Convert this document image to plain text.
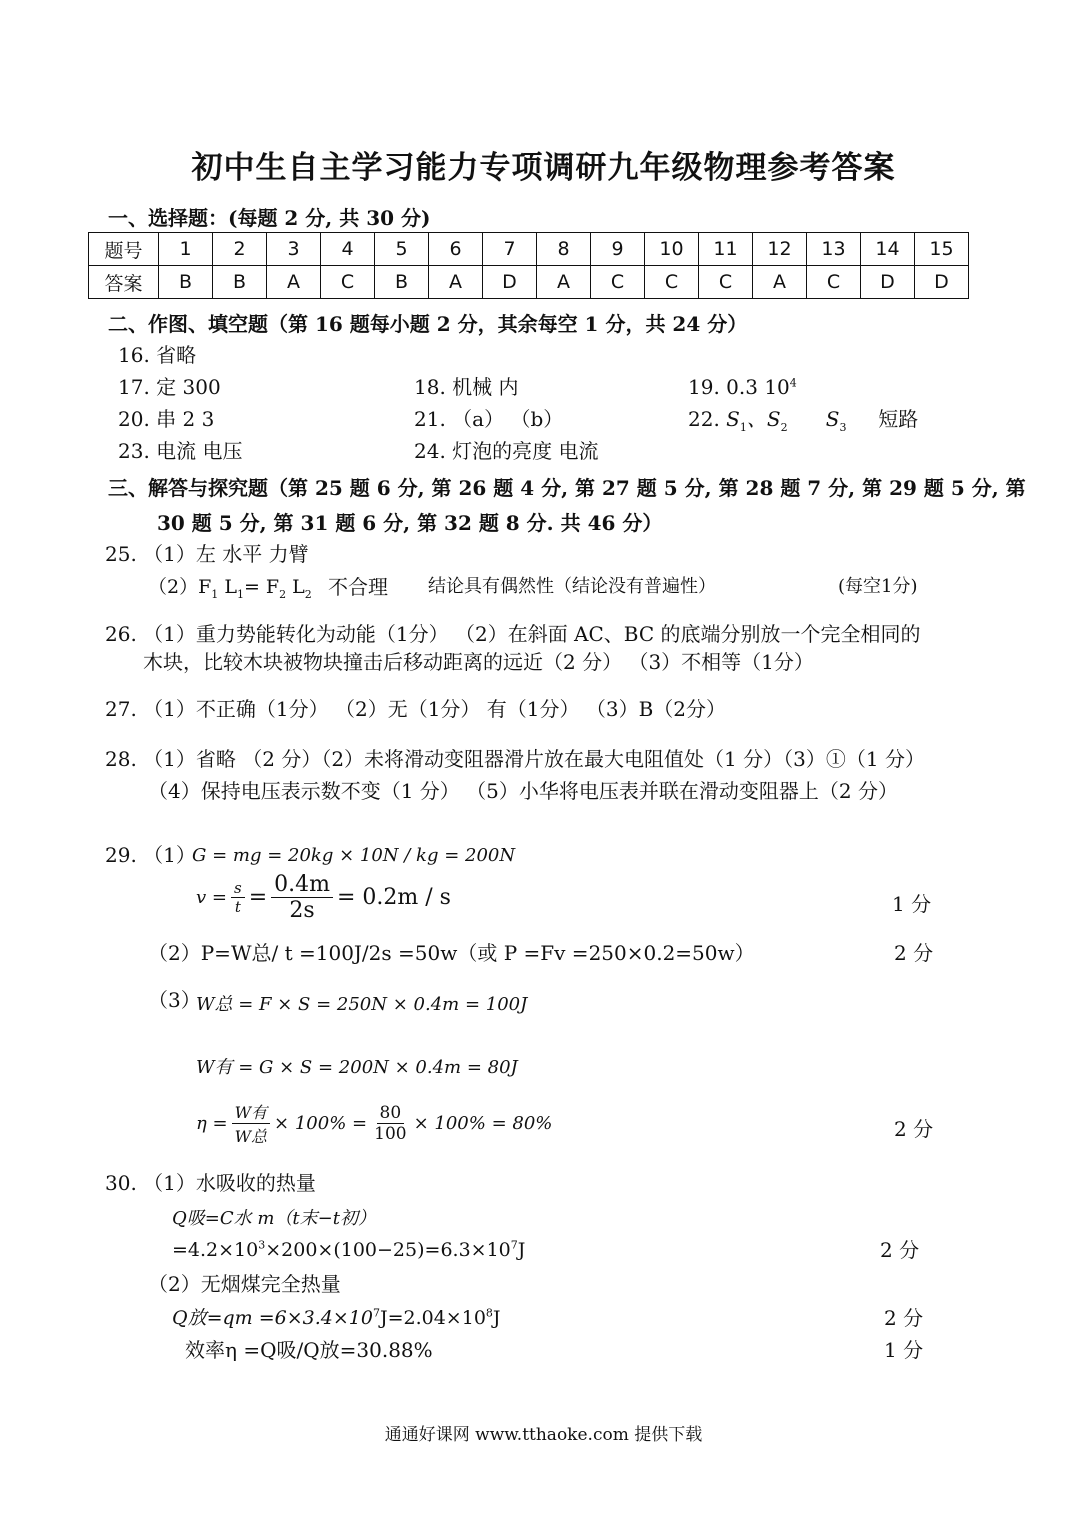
初中生自主学习能力专项调研九年级物理参考答案
一、选择题：(每题 2 分, 共 30 分)
题号	1	2	3	4	5	6	7	8	9	10	11	12	13	14	15
答案	B	B	A	C	B	A	D	A	C	C	C	A	C	D	D
二、作图、填空题（第 16 题每小题 2 分，其余每空 1 分，共 24 分）
16. 省略
17. 定 300	18. 机械 内	19. 0.3 $10^4$
20. 串 2 3	21. （a） （b）	22. $S_1$、$S_2$ $S_3$ 短路
23. 电流 电压	24. 灯泡的亮度 电流
三、解答与探究题（第 25 题 6 分, 第 26 题 4 分, 第 27 题 5 分, 第 28 题 7 分, 第 29 题 5 分, 第
30 题 5 分, 第 31 题 6 分, 第 32 题 8 分. 共 46 分）
25. （1）左 水平 力臂
$(2)F_1$ $L_1= F_2$ $L_2$ 不合理 结论具有偶然性（结论没有普遍性）	(每空1分)
26. （1）重力势能转化为动能（1分） （2）在斜面 AC、BC 的底端分别放一个完全相同的
木块，比较木块被物块撞击后移动距离的远近（2 分） （3）不相等（1分）
27. （1）不正确（1分） （2）无（1分） 有（1分） （3）B（2分）
28. （1）省略 （2 分）（2）未将滑动变阻器滑片放在最大电阻值处（1 分）（3）①（1 分）
（4）保持电压表示数不变（1 分） （5）小华将电压表并联在滑动变阻器上（2 分）
29. （1）
G = mg = 20kg × 10N / kg = 200N
$v = \frac{s}{t} = \frac{0.4m}{2s} = 0.2m / s$	1 分
（2）P=W总/ t =100J/2s =50w（或 P =Fv =250×0.2=50w）	2 分
（3）
W总 = F × S = 250N × 0.4m = 100J
W有 = G × S = 200N × 0.4m = 80J
$\eta = \frac{\text{W有}}{\text{W总}} \times 100\% = \frac{80}{100} \times 100\% = 80\%$	2 分
30. （1）水吸收的热量
Q吸=C水 m（t末−t初）
$=4.2\times 10^3\times 200\times(100-25)=6.3\times 10^7J$	2 分
（2）无烟煤完全热量
Q放$=qm =6\times 3.4\times 10^7J=2.04\times 10^8J$	2 分
效率η =Q吸/Q放=30.88%	1 分
通通好课网 www.tthaoke.com 提供下载
